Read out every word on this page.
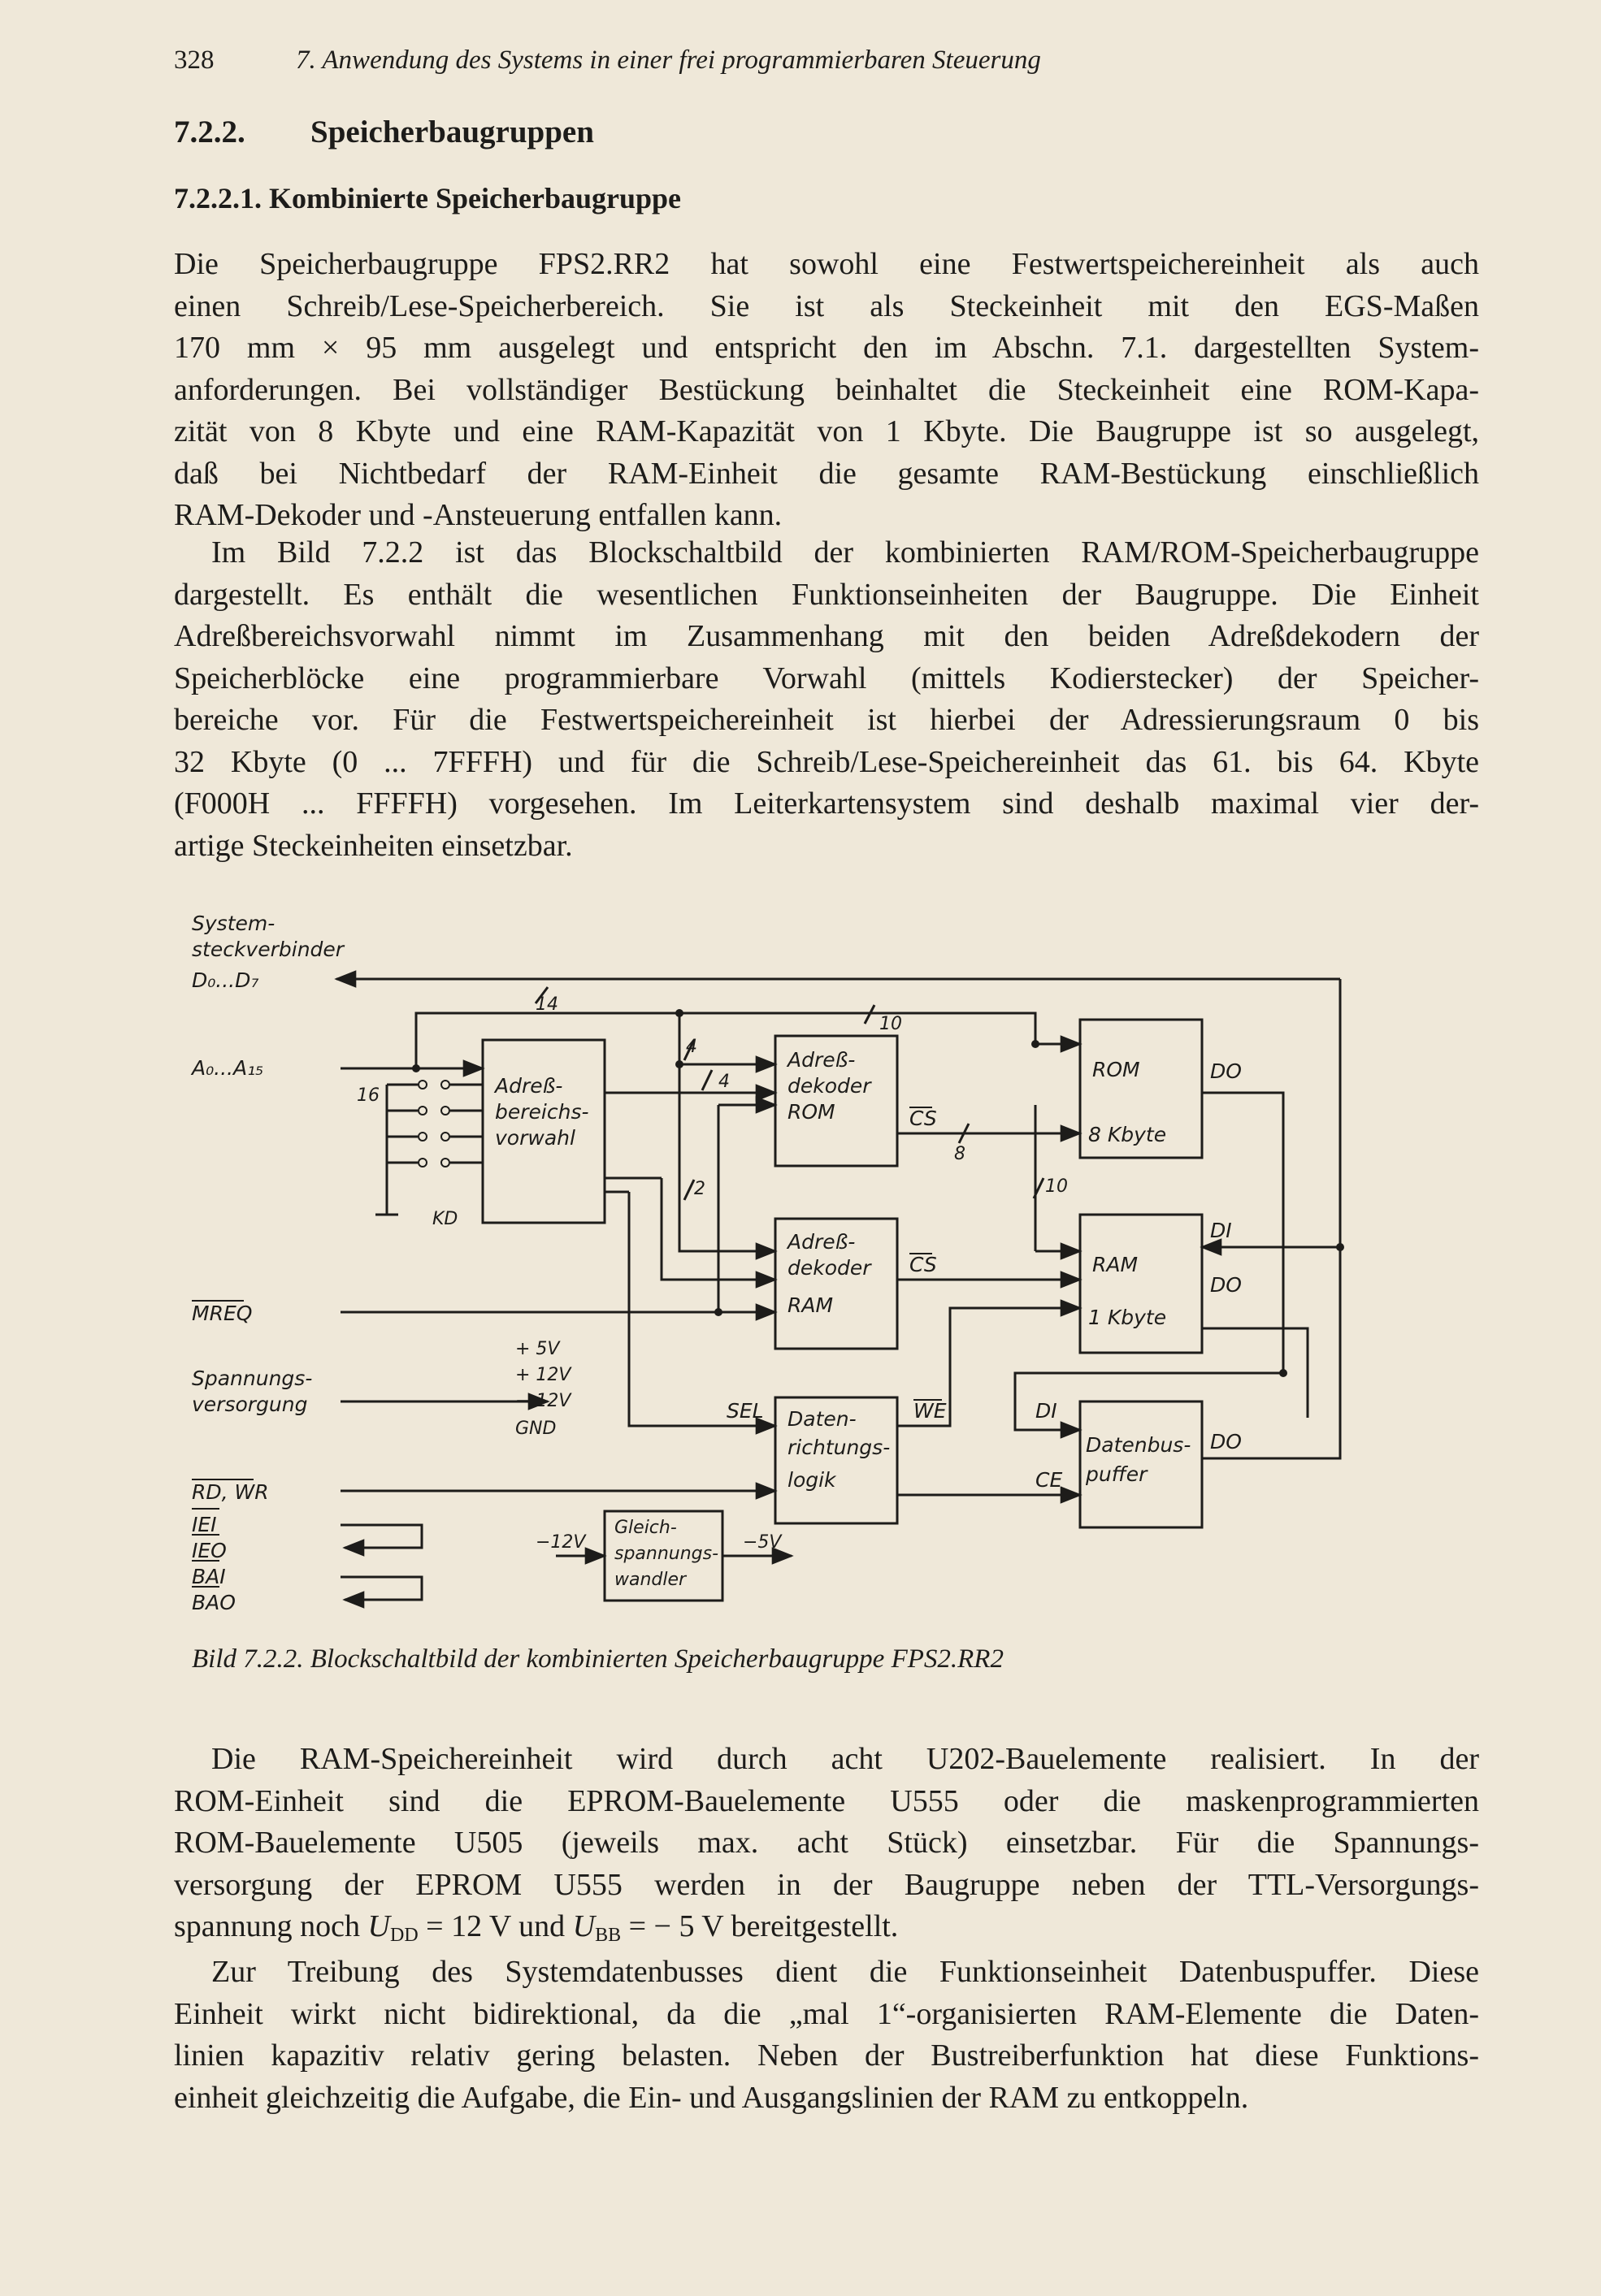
328	7. Anwendung des Systems in einer frei programmierbaren Steuerung
7.2.2. Speicherbaugruppen
7.2.2.1. Kombinierte Speicherbaugruppe
Die Speicherbaugruppe FPS2.RR2 hat sowohl eine Festwertspeichereinheit als auch
einen Schreib/Lese-Speicherbereich. Sie ist als Steckeinheit mit den EGS-Maßen
170 mm × 95 mm ausgelegt und entspricht den im Abschn. 7.1. dargestellten System-
anforderungen. Bei vollständiger Bestückung beinhaltet die Steckeinheit eine ROM-Kapa-
zität von 8 Kbyte und eine RAM-Kapazität von 1 Kbyte. Die Baugruppe ist so ausgelegt,
daß bei Nichtbedarf der RAM-Einheit die gesamte RAM-Bestückung einschließlich
RAM-Dekoder und -Ansteuerung entfallen kann.
Im Bild 7.2.2 ist das Blockschaltbild der kombinierten RAM/ROM-Speicherbaugruppe
dargestellt. Es enthält die wesentlichen Funktionseinheiten der Baugruppe. Die Einheit
Adreßbereichsvorwahl nimmt im Zusammenhang mit den beiden Adreßdekodern der
Speicherblöcke eine programmierbare Vorwahl (mittels Kodierstecker) der Speicher-
bereiche vor. Für die Festwertspeichereinheit ist hierbei der Adressierungsraum 0 bis
32 Kbyte (0 ... 7FFFH) und für die Schreib/Lese-Speichereinheit das 61. bis 64. Kbyte
(F000H ... FFFFH) vorgesehen. Im Leiterkartensystem sind deshalb maximal vier der-
artige Steckeinheiten einsetzbar.
System-
steckverbinder
D₀...D₇
A₀...A₁₅
16
14
4
4
2
10
8
10
KD
Adreß-
bereichs-
vorwahl
Adreß-
dekoder
ROM
Adreß-
dekoder
RAM
ROM
8 Kbyte
RAM
1 Kbyte
Daten-
richtungs-
logik
Datenbus-
puffer
Gleich-
spannungs-
wandler
CS
CS
SEL	WE
CE
DO
DI
DO
DI
DO
MREQ
Spannungs-
versorgung
+ 5V
+ 12V
− 12V
GND
RD, WR
IEI
IEO
BAI
BAO
−12V	−5V
Bild 7.2.2. Blockschaltbild der kombinierten Speicherbaugruppe FPS2.RR2
Die RAM-Speichereinheit wird durch acht U202-Bauelemente realisiert. In der
ROM-Einheit sind die EPROM-Bauelemente U555 oder die maskenprogrammierten
ROM-Bauelemente U505 (jeweils max. acht Stück) einsetzbar. Für die Spannungs-
versorgung der EPROM U555 werden in der Baugruppe neben der TTL-Versorgungs-
spannung noch $U_{DD} = 12$ V und $U_{BB}$ = − 5 V bereitgestellt.
Zur Treibung des Systemdatenbusses dient die Funktionseinheit Datenbuspuffer. Diese
Einheit wirkt nicht bidirektional, da die „mal 1“-organisierten RAM-Elemente die Daten-
linien kapazitiv relativ gering belasten. Neben der Bustreiberfunktion hat diese Funktions-
einheit gleichzeitig die Aufgabe, die Ein- und Ausgangslinien der RAM zu entkoppeln.
